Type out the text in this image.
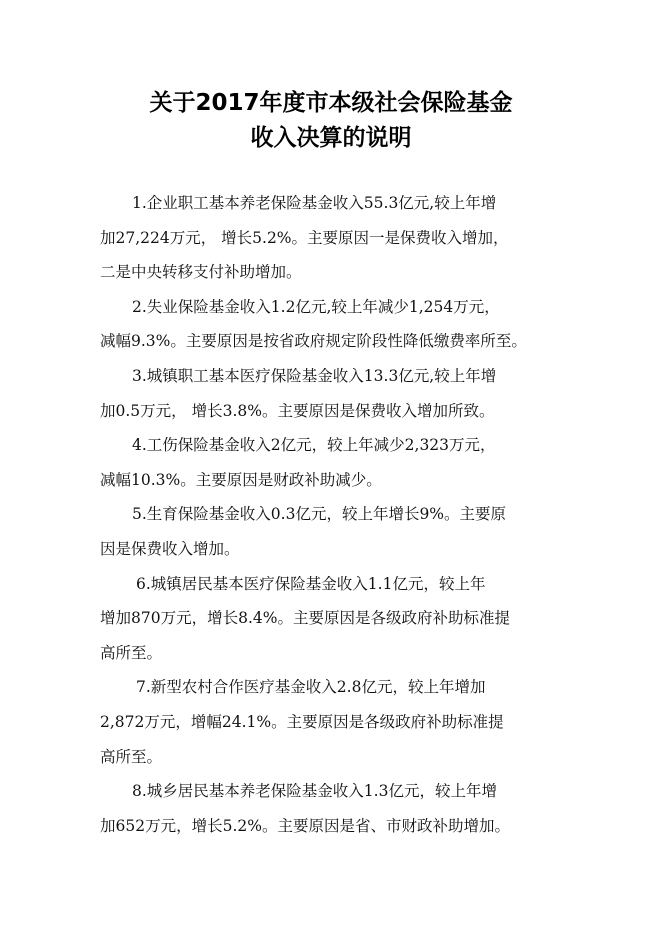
关于2017年度市本级社会保险基金
收入决算的说明
1.企业职工基本养老保险基金收入55.3亿元,较上年增
加27,224万元， 增长5.2%。主要原因一是保费收入增加，
二是中央转移支付补助增加。
2.失业保险基金收入1.2亿元,较上年减少1,254万元，
减幅9.3%。主要原因是按省政府规定阶段性降低缴费率所至。
3.城镇职工基本医疗保险基金收入13.3亿元,较上年增
加0.5万元， 增长3.8%。主要原因是保费收入增加所致。
4.工伤保险基金收入2亿元，较上年减少2,323万元，
减幅10.3%。主要原因是财政补助减少。
5.生育保险基金收入0.3亿元，较上年增长9%。主要原
因是保费收入增加。
6.城镇居民基本医疗保险基金收入1.1亿元，较上年
增加870万元，增长8.4%。主要原因是各级政府补助标准提
高所至。
7.新型农村合作医疗基金收入2.8亿元，较上年增加
2,872万元，增幅24.1%。主要原因是各级政府补助标准提
高所至。
8.城乡居民基本养老保险基金收入1.3亿元，较上年增
加652万元，增长5.2%。主要原因是省、市财政补助增加。
